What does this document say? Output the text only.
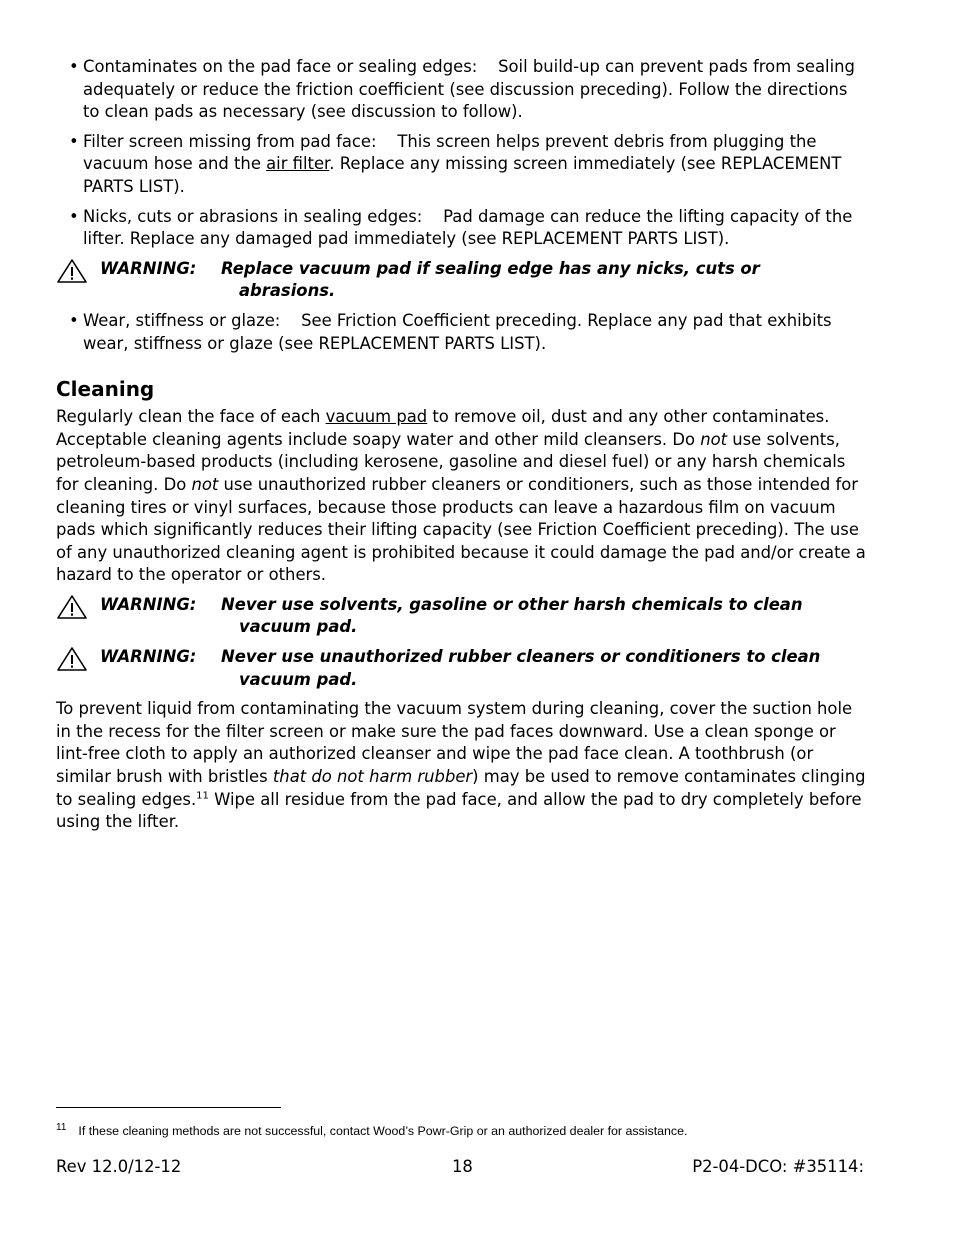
• Contaminates on the pad face or sealing edges: Soil build-up can prevent pads from sealing adequately or reduce the friction coefficient (see discussion preceding). Follow the directions to clean pads as necessary (see discussion to follow).

• Filter screen missing from pad face: This screen helps prevent debris from plugging the vacuum hose and the air filter. Replace any missing screen immediately (see REPLACEMENT PARTS LIST).

• Nicks, cuts or abrasions in sealing edges: Pad damage can reduce the lifting capacity of the lifter. Replace any damaged pad immediately (see REPLACEMENT PARTS LIST).

WARNING: Replace vacuum pad if sealing edge has any nicks, cuts or
abrasions.

• Wear, stiffness or glaze: See Friction Coefficient preceding. Replace any pad that exhibits wear, stiffness or glaze (see REPLACEMENT PARTS LIST).

Cleaning

Regularly clean the face of each vacuum pad to remove oil, dust and any other contaminates. Acceptable cleaning agents include soapy water and other mild cleansers. Do not use solvents, petroleum-based products (including kerosene, gasoline and diesel fuel) or any harsh chemicals for cleaning. Do not use unauthorized rubber cleaners or conditioners, such as those intended for cleaning tires or vinyl surfaces, because those products can leave a hazardous film on vacuum pads which significantly reduces their lifting capacity (see Friction Coefficient preceding). The use of any unauthorized cleaning agent is prohibited because it could damage the pad and/or create a hazard to the operator or others.

WARNING: Never use solvents, gasoline or other harsh chemicals to clean
vacuum pad.
WARNING: Never use unauthorized rubber cleaners or conditioners to clean
vacuum pad.

To prevent liquid from contaminating the vacuum system during cleaning, cover the suction hole in the recess for the filter screen or make sure the pad faces downward. Use a clean sponge or lint-free cloth to apply an authorized cleanser and wipe the pad face clean. A toothbrush (or similar brush with bristles that do not harm rubber) may be used to remove contaminates clinging to sealing edges.$^{11}$ Wipe all residue from the pad face, and allow the pad to dry completely before using the lifter.

$^{11}$ If these cleaning methods are not successful, contact Wood’s Powr-Grip or an authorized dealer for assistance.
Rev 12.0/12-12	18	P2-04-DCO: #35114:
